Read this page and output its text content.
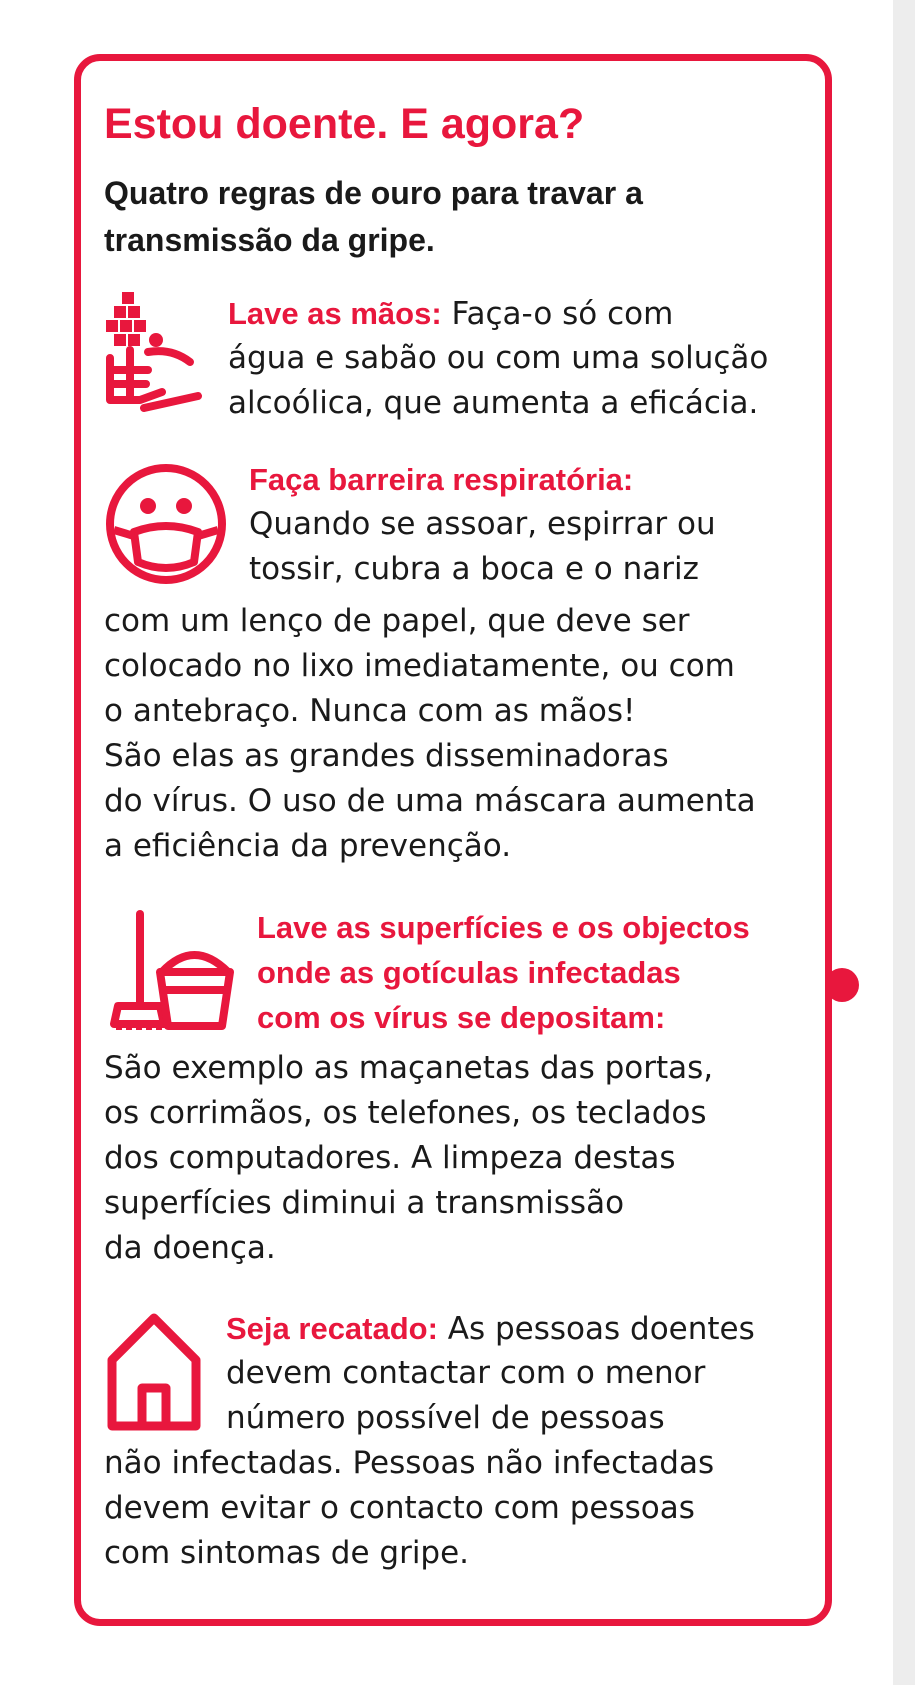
Estou doente. E agora?

Quatro regras de ouro para travar a transmissão da gripe.

Lave as mãos: Faça-o só com
água e sabão ou com uma solução
alcoólica, que aumenta a eficácia.
Faça barreira respiratória:
Quando se assoar, espirrar ou
tossir, cubra a boca e o nariz
com um lenço de papel, que deve ser
colocado no lixo imediatamente, ou com
o antebraço. Nunca com as mãos!
São elas as grandes disseminadoras
do vírus. O uso de uma máscara aumenta
a eficiência da prevenção.
Lave as superfícies e os objectos
onde as gotículas infectadas
com os vírus se depositam:
São exemplo as maçanetas das portas,
os corrimãos, os telefones, os teclados
dos computadores. A limpeza destas
superfícies diminui a transmissão
da doença.
Seja recatado: As pessoas doentes
devem contactar com o menor
número possível de pessoas
não infectadas. Pessoas não infectadas
devem evitar o contacto com pessoas
com sintomas de gripe.
